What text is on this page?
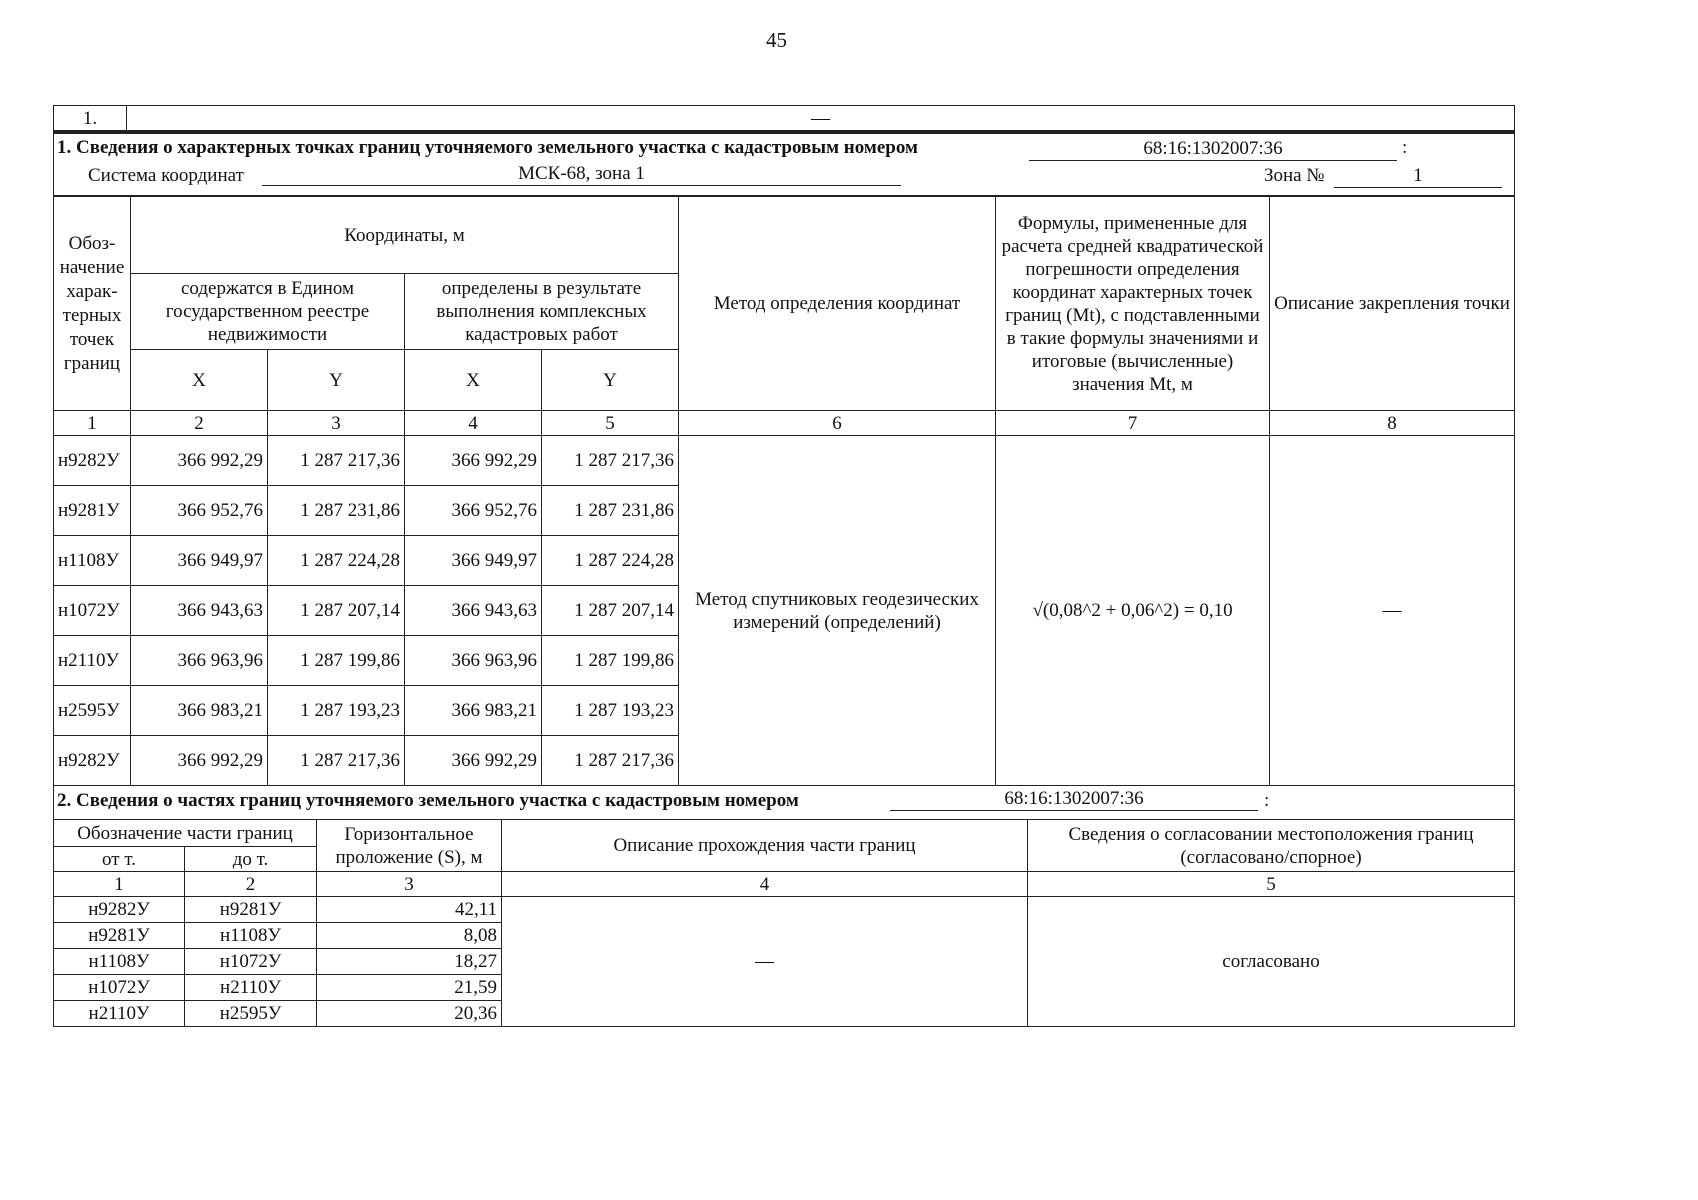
45
1.	—
1. Сведения о характерных точках границ уточняемого земельного участка с кадастровым номером	68:16:1302007:36	:
Система координат	МСК-68, зона 1	Зона №	1
Обоз-начение харак-терных точек границ	Координаты, м				Метод определения координат	Формулы, примененные для расчета средней квадратической погрешности определения координат характерных точек границ (Mt), с подставленными в такие формулы значениями и итоговые (вычисленные) значения Mt, м	Описание закрепления точки
	содержатся в Едином государственном реестре недвижимости		определены в результате выполнения комплексных кадастровых работ				
	X	Y	X	Y			
1	2	3	4	5	6	7	8
н9282У	366 992,29	1 287 217,36	366 992,29	1 287 217,36	Метод спутниковых геодезических измерений (определений)	√(0,08^2 + 0,06^2) = 0,10	—
н9281У	366 952,76	1 287 231,86	366 952,76	1 287 231,86			
н1108У	366 949,97	1 287 224,28	366 949,97	1 287 224,28			
н1072У	366 943,63	1 287 207,14	366 943,63	1 287 207,14			
н2110У	366 963,96	1 287 199,86	366 963,96	1 287 199,86			
н2595У	366 983,21	1 287 193,23	366 983,21	1 287 193,23			
н9282У	366 992,29	1 287 217,36	366 992,29	1 287 217,36			
2. Сведения о частях границ уточняемого земельного участка с кадастровым номером	68:16:1302007:36	:
Обозначение части границ		Горизонтальное проложение (S), м	Описание прохождения части границ	Сведения о согласовании местоположения границ (согласовано/спорное)
от т.	до т.			
1	2	3	4	5
н9282У	н9281У	42,11	—	согласовано
н9281У	н1108У	8,08		
н1108У	н1072У	18,27		
н1072У	н2110У	21,59		
н2110У	н2595У	20,36		
